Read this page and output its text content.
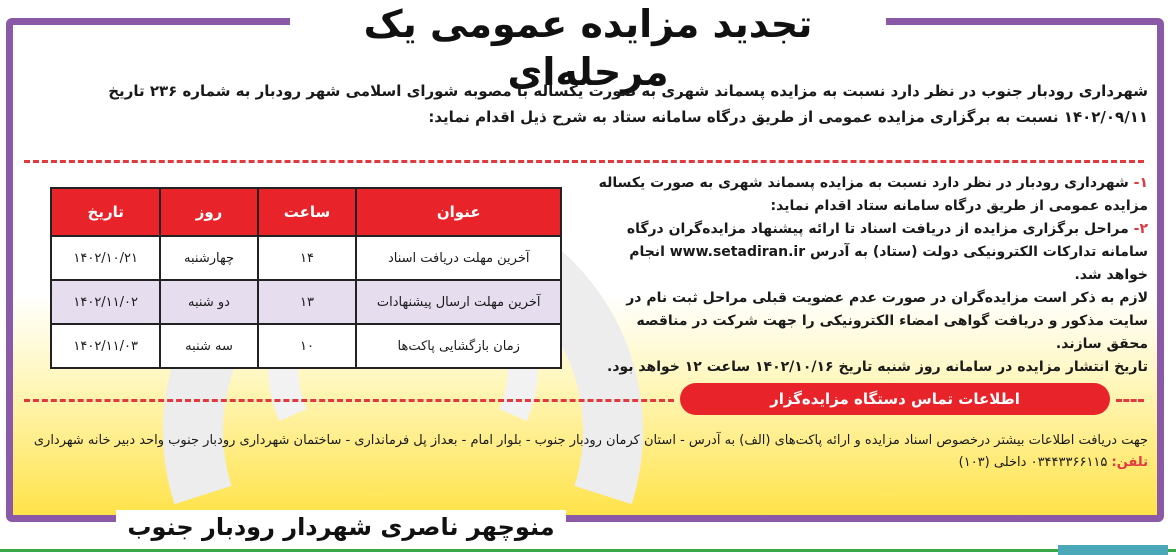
تجدید مزایده عمومی یک مرحله‌ای
شهرداری رودبار جنوب در نظر دارد نسبت به مزایده پسماند شهری به صورت یکساله با مصوبه شورای اسلامی شهر رودبار به شماره ۲۳۶ تاریخ ۱۴۰۲/۰۹/۱۱ نسبت به برگزاری مزایده عمومی از طریق درگاه سامانه ستاد به شرح ذیل اقدام نماید:

۱- شهرداری رودبار در نظر دارد نسبت به مزایده پسماند شهری به صورت یکساله مزایده عمومی از طریق درگاه سامانه ستاد اقدام نماید:

۲- مراحل برگزاری مزایده از دریافت اسناد تا ارائه پیشنهاد مزایده‌گران درگاه سامانه تدارکات الکترونیکی دولت (ستاد) به آدرس www.setadiran.ir انجام خواهد شد.

لازم به ذکر است مزایده‌گران در صورت عدم عضویت قبلی مراحل ثبت نام در سایت مذکور و دریافت گواهی امضاء الکترونیکی را جهت شرکت در مناقصه محقق سازند.

تاریخ انتشار مزایده در سامانه روز شنبه تاریخ ۱۴۰۲/۱۰/۱۶ ساعت ۱۲ خواهد بود.

عنوان	ساعت	روز	تاریخ
آخرین مهلت دریافت اسناد	۱۴	چهارشنبه	۱۴۰۲/۱۰/۲۱
آخرین مهلت ارسال پیشنهادات	۱۳	دو شنبه	۱۴۰۲/۱۱/۰۲
زمان بازگشایی پاکت‌ها	۱۰	سه شنبه	۱۴۰۲/۱۱/۰۳
اطلاعات تماس دستگاه مزایده‌گزار
جهت دریافت اطلاعات بیشتر درخصوص اسناد مزایده و ارائه پاکت‌های (الف) به آدرس - استان کرمان رودبار جنوب - بلوار امام - بعداز پل فرمانداری - ساختمان شهرداری رودبار جنوب واحد دبیر خانه شهرداری
تلفن: ۰۳۴۴۳۳۶۶۱۱۵ داخلی (۱۰۳)
منوچهر ناصری شهردار رودبار جنوب
